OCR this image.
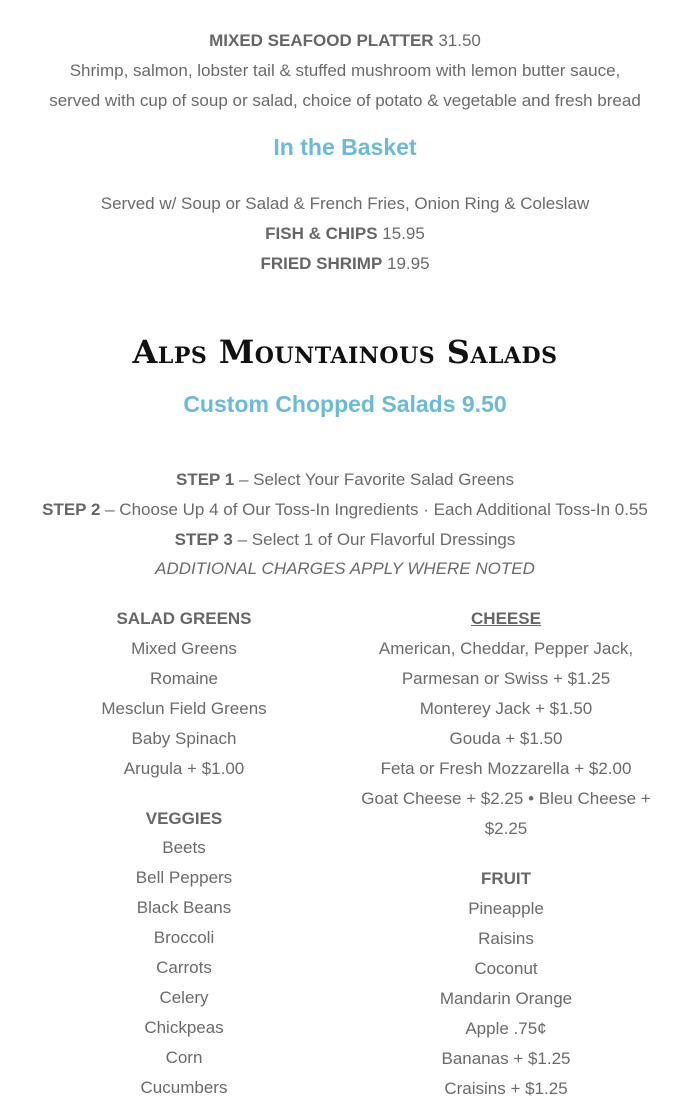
MIXED SEAFOOD PLATTER 31.50
Shrimp, salmon, lobster tail & stuffed mushroom with lemon butter sauce,
served with cup of soup or salad, choice of potato & vegetable and fresh bread
In the Basket
Served w/ Soup or Salad & French Fries, Onion Ring & Coleslaw
FISH & CHIPS 15.95
FRIED SHRIMP 19.95
Alps Mountainous Salads
Custom Chopped Salads 9.50
STEP 1 – Select Your Favorite Salad Greens
STEP 2 – Choose Up 4 of Our Toss-In Ingredients · Each Additional Toss-In 0.55
STEP 3 – Select 1 of Our Flavorful Dressings
ADDITIONAL CHARGES APPLY WHERE NOTED
SALAD GREENS
Mixed Greens
Romaine
Mesclun Field Greens
Baby Spinach
Arugula + $1.00
VEGGIES
Beets
Bell Peppers
Black Beans
Broccoli
Carrots
Celery
Chickpeas
Corn
Cucumbers
CHEESE
American, Cheddar, Pepper Jack,
Parmesan or Swiss + $1.25
Monterey Jack + $1.50
Gouda + $1.50
Feta or Fresh Mozzarella + $2.00
Goat Cheese + $2.25 • Bleu Cheese +
$2.25
FRUIT
Pineapple
Raisins
Coconut
Mandarin Orange
Apple .75¢
Bananas + $1.25
Craisins + $1.25
